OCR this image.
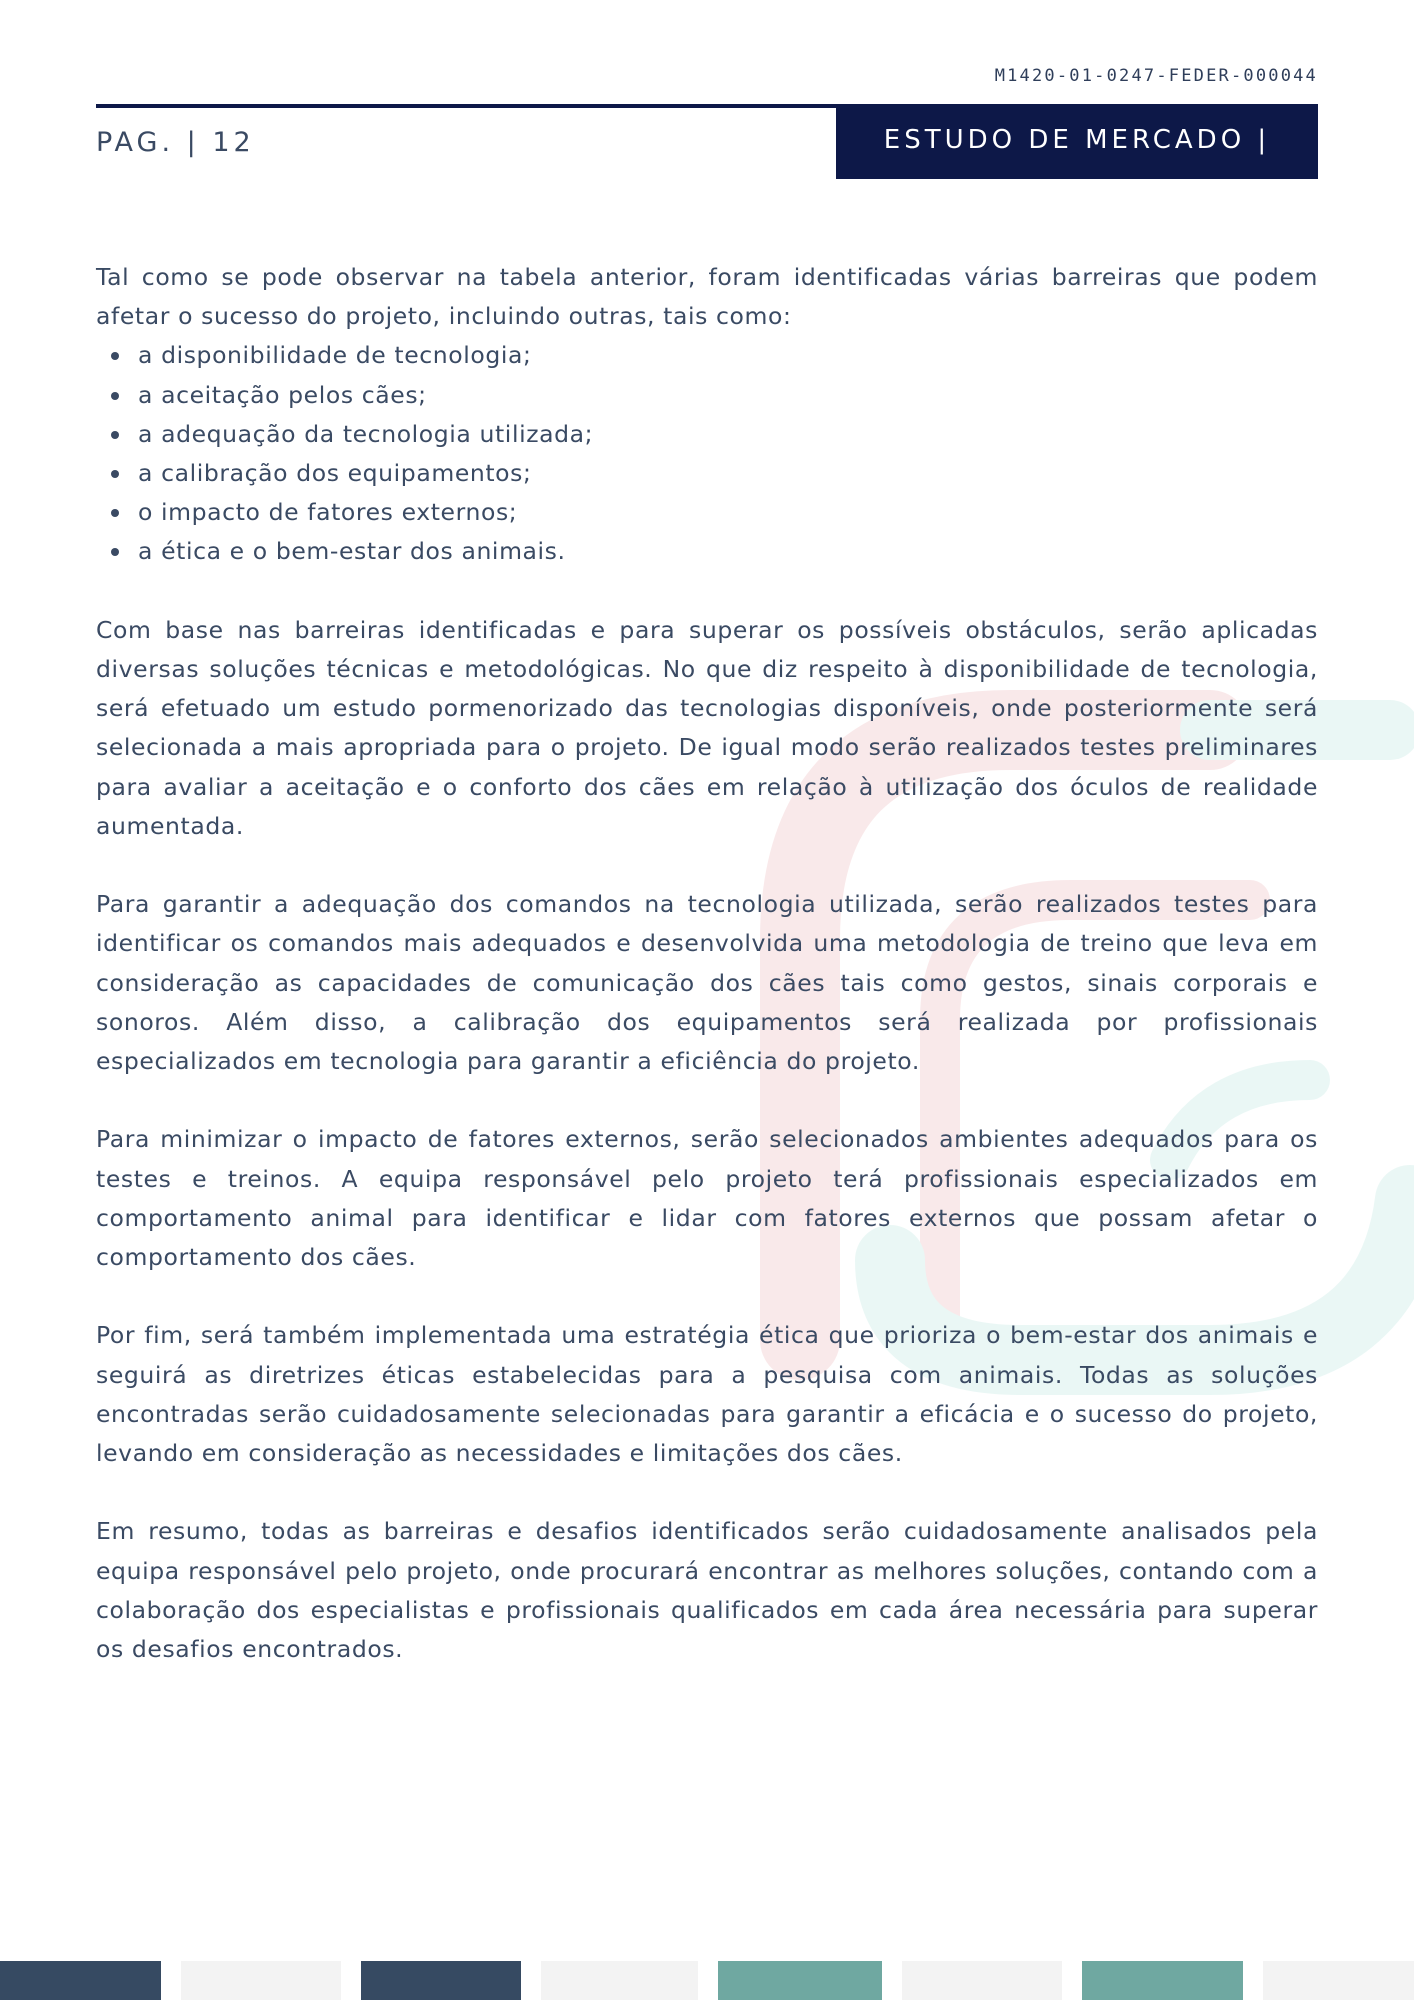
M1420-01-0247-FEDER-000044
PAG. | 12	ESTUDO DE MERCADO |

Tal como se pode observar na tabela anterior, foram identificadas várias barreiras que podem afetar o sucesso do projeto, incluindo outras, tais como:

a disponibilidade de tecnologia;
a aceitação pelos cães;
a adequação da tecnologia utilizada;
a calibração dos equipamentos;
o impacto de fatores externos;
a ética e o bem-estar dos animais.

Com base nas barreiras identificadas e para superar os possíveis obstáculos, serão aplicadas diversas soluções técnicas e metodológicas. No que diz respeito à disponibilidade de tecnologia, será efetuado um estudo pormenorizado das tecnologias disponíveis, onde posteriormente será selecionada a mais apropriada para o projeto. De igual modo serão realizados testes preliminares para avaliar a aceitação e o conforto dos cães em relação à utilização dos óculos de realidade aumentada.

Para garantir a adequação dos comandos na tecnologia utilizada, serão realizados testes para identificar os comandos mais adequados e desenvolvida uma metodologia de treino que leva em consideração as capacidades de comunicação dos cães tais como gestos, sinais corporais e sonoros. Além disso, a calibração dos equipamentos será realizada por profissionais especializados em tecnologia para garantir a eficiência do projeto.

Para minimizar o impacto de fatores externos, serão selecionados ambientes adequados para os testes e treinos. A equipa responsável pelo projeto terá profissionais especializados em comportamento animal para identificar e lidar com fatores externos que possam afetar o comportamento dos cães.

Por fim, será também implementada uma estratégia ética que prioriza o bem-estar dos animais e seguirá as diretrizes éticas estabelecidas para a pesquisa com animais. Todas as soluções encontradas serão cuidadosamente selecionadas para garantir a eficácia e o sucesso do projeto, levando em consideração as necessidades e limitações dos cães.

Em resumo, todas as barreiras e desafios identificados serão cuidadosamente analisados pela equipa responsável pelo projeto, onde procurará encontrar as melhores soluções, contando com a colaboração dos especialistas e profissionais qualificados em cada área necessária para superar os desafios encontrados.
